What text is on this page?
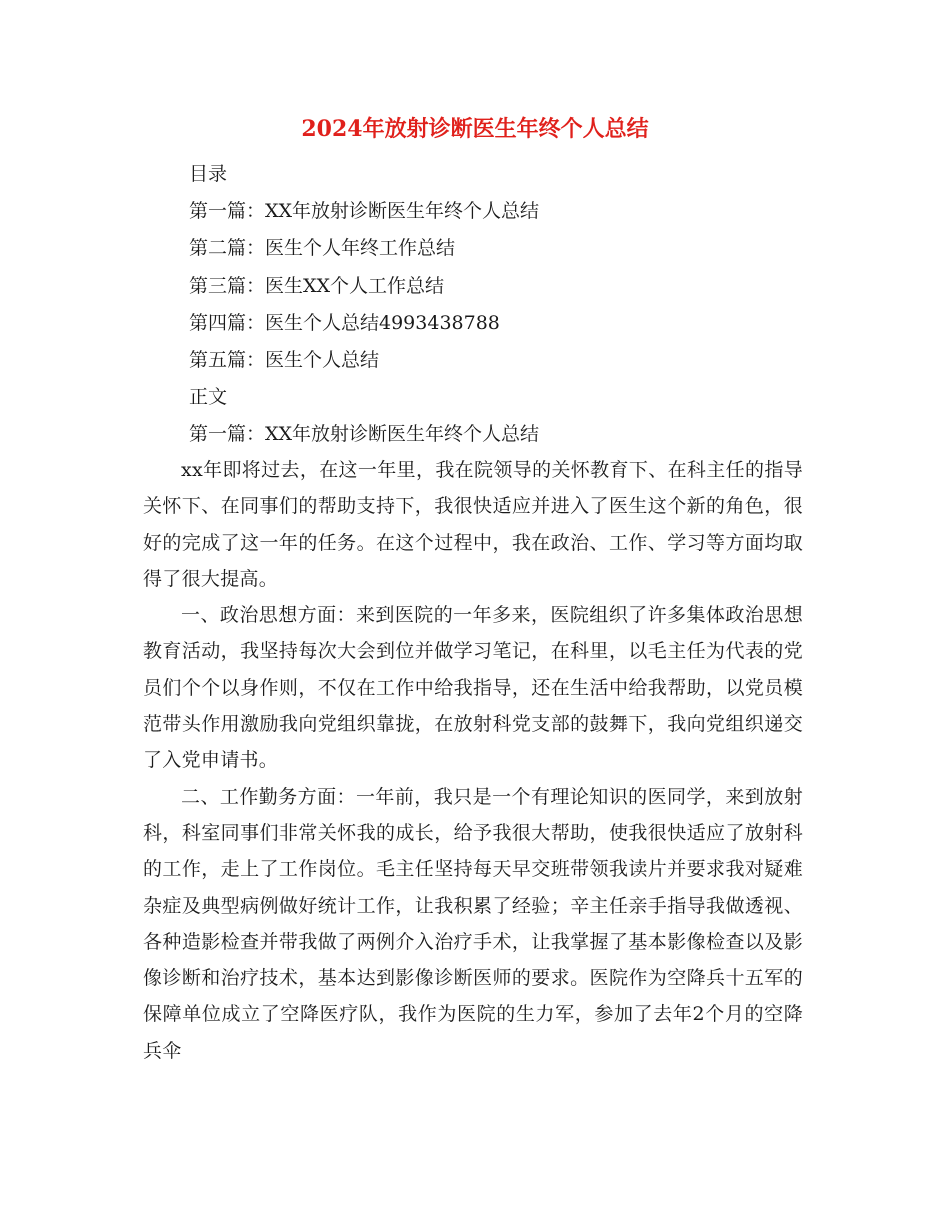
2024年放射诊断医生年终个人总结
目录
第一篇：XX年放射诊断医生年终个人总结
第二篇：医生个人年终工作总结
第三篇：医生XX个人工作总结
第四篇：医生个人总结4993438788
第五篇：医生个人总结
正文
第一篇：XX年放射诊断医生年终个人总结

xx年即将过去，在这一年里，我在院领导的关怀教育下、在科主任的指导关怀下、在同事们的帮助支持下，我很快适应并进入了医生这个新的角色，很好的完成了这一年的任务。在这个过程中，我在政治、工作、学习等方面均取得了很大提高。

一、政治思想方面：来到医院的一年多来，医院组织了许多集体政治思想教育活动，我坚持每次大会到位并做学习笔记，在科里，以毛主任为代表的党员们个个以身作则，不仅在工作中给我指导，还在生活中给我帮助，以党员模范带头作用激励我向党组织靠拢，在放射科党支部的鼓舞下，我向党组织递交了入党申请书。

二、工作勤务方面：一年前，我只是一个有理论知识的医同学，来到放射科，科室同事们非常关怀我的成长，给予我很大帮助，使我很快适应了放射科的工作，走上了工作岗位。毛主任坚持每天早交班带领我读片并要求我对疑难杂症及典型病例做好统计工作，让我积累了经验；辛主任亲手指导我做透视、各种造影检查并带我做了两例介入治疗手术，让我掌握了基本影像检查以及影像诊断和治疗技术，基本达到影像诊断医师的要求。医院作为空降兵十五军的保障单位成立了空降医疗队，我作为医院的生力军，参加了去年2个月的空降兵伞
